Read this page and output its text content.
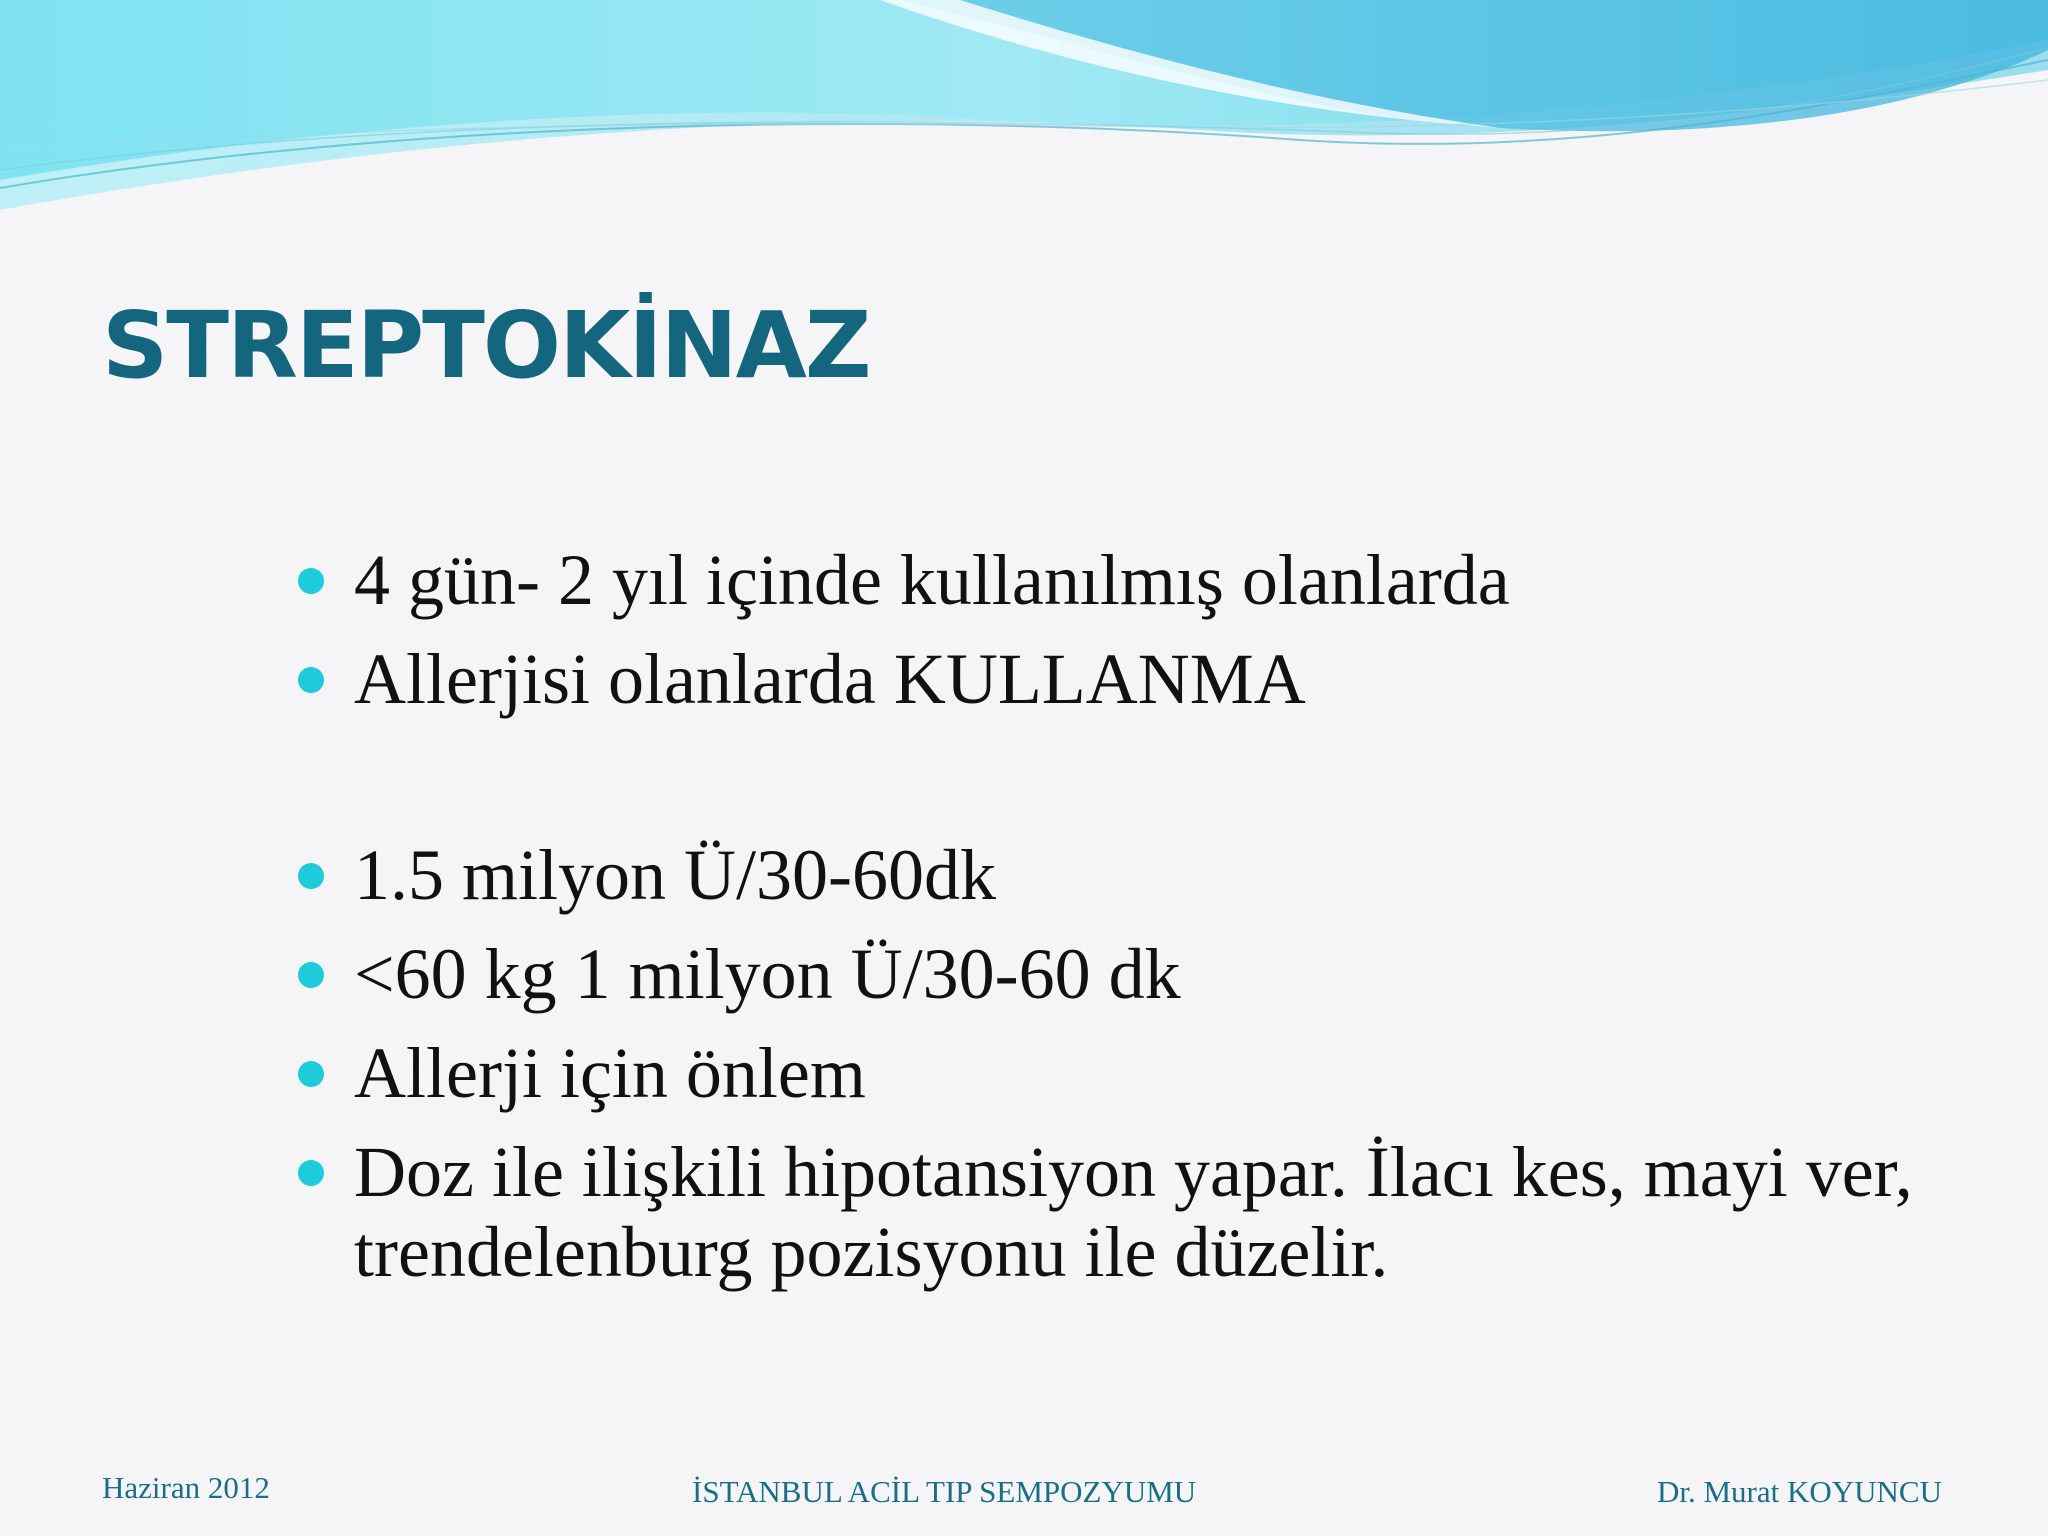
STREPTOKİNAZ
4 gün- 2 yıl içinde kullanılmış olanlarda
Allerjisi olanlarda KULLANMA
1.5 milyon Ü/30-60dk
<60 kg 1 milyon Ü/30-60 dk
Allerji için önlem
Doz ile ilişkili hipotansiyon yapar. İlacı kes, mayi ver, trendelenburg pozisyonu ile düzelir.
Haziran 2012	İSTANBUL ACİL TIP SEMPOZYUMU	Dr. Murat KOYUNCU
